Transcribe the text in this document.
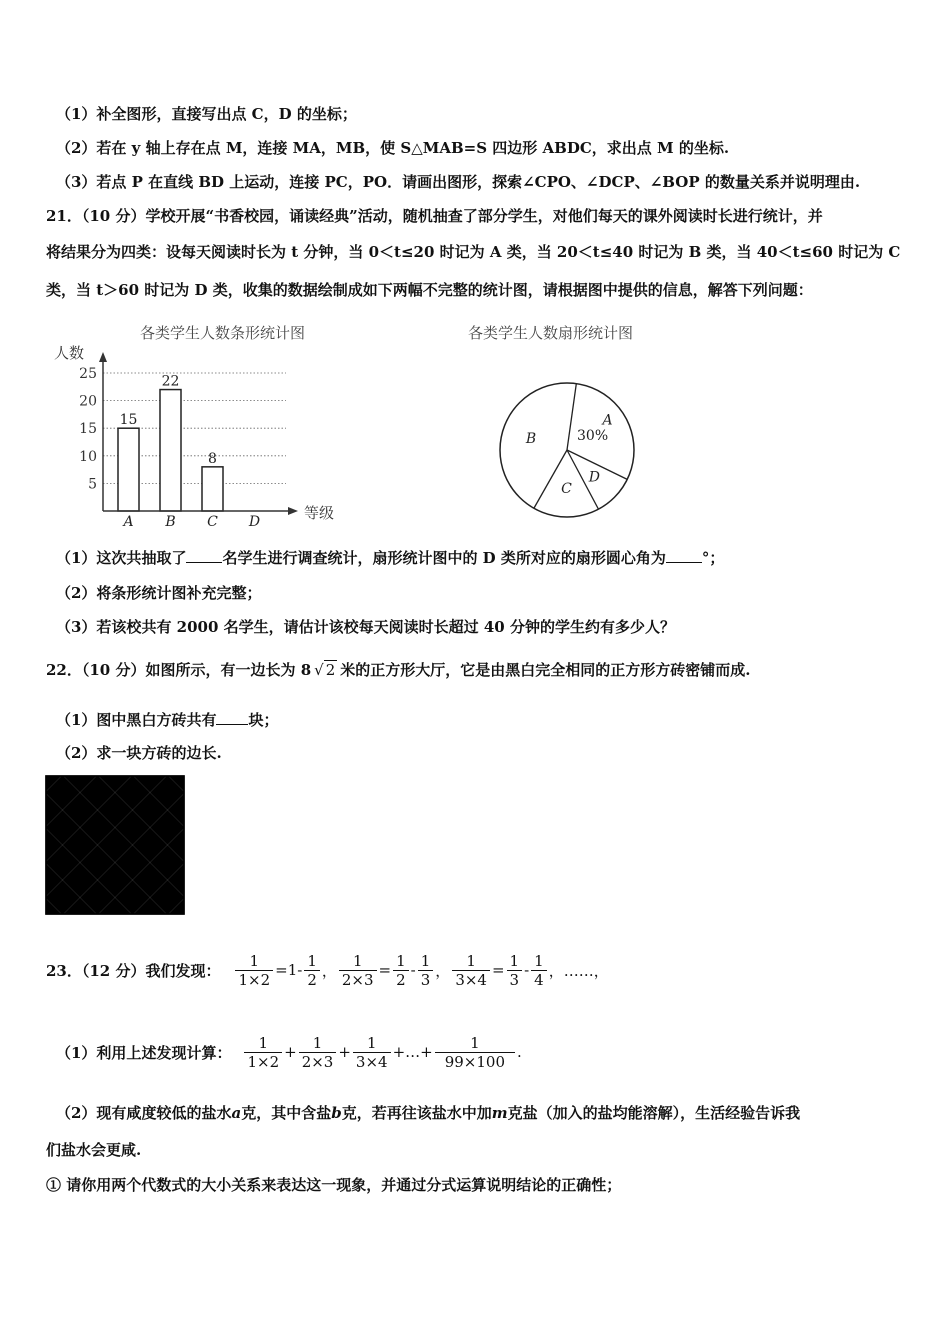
（1）补全图形，直接写出点 C，D 的坐标；
（2）若在 y 轴上存在点 M，连接 MA，MB，使 S△MAB=S 四边形 ABDC，求出点 M 的坐标.
（3）若点 P 在直线 BD 上运动，连接 PC，PO．请画出图形，探索∠CPO、∠DCP、∠BOP 的数量关系并说明理由.
21．（10 分）学校开展“书香校园，诵读经典”活动，随机抽查了部分学生，对他们每天的课外阅读时长进行统计，并
将结果分为四类：设每天阅读时长为 t 分钟，当 0＜t≤20 时记为 A 类，当 20＜t≤40 时记为 B 类，当 40＜t≤60 时记为 C
类，当 t＞60 时记为 D 类，收集的数据绘制成如下两幅不完整的统计图，请根据图中提供的信息，解答下列问题：
各类学生人数条形统计图
人数
5
10
15
20
25
15
22
8
A B C D	等级
各类学生人数扇形统计图
A
D
C
B	30%
（1）这次共抽取了 名学生进行调查统计，扇形统计图中的 D 类所对应的扇形圆心角为 °；
（2）将条形统计图补充完整；
（3）若该校共有 2000 名学生，请估计该校每天阅读时长超过 40 分钟的学生约有多少人？
22．（10 分）如图所示，有一边长为 8 √ 2 米的正方形大厅，它是由黑白完全相同的正方形方砖密铺而成.
（1）图中黑白方砖共有 块；
（2）求一块方砖的边长.
23．（12 分）我们发现： $\frac{1}{1\times 2} =1- \frac{1}{2}$ ， $\frac{1}{2\times 3} = \frac{1}{2} - \frac{1}{3}$ ， $\frac{1}{3\times 4} = \frac{1}{3} - \frac{1}{4}$ ，……，
（1）利用上述发现计算： $\frac{1}{1\times 2} + \frac{1}{2\times 3} + \frac{1}{3\times 4}$ +…+ $\frac{1}{99\times 100}$ .
（2）现有咸度较低的盐水a克，其中含盐b克，若再往该盐水中加m克盐（加入的盐均能溶解），生活经验告诉我
们盐水会更咸.
① 请你用两个代数式的大小关系来表达这一现象，并通过分式运算说明结论的正确性；
